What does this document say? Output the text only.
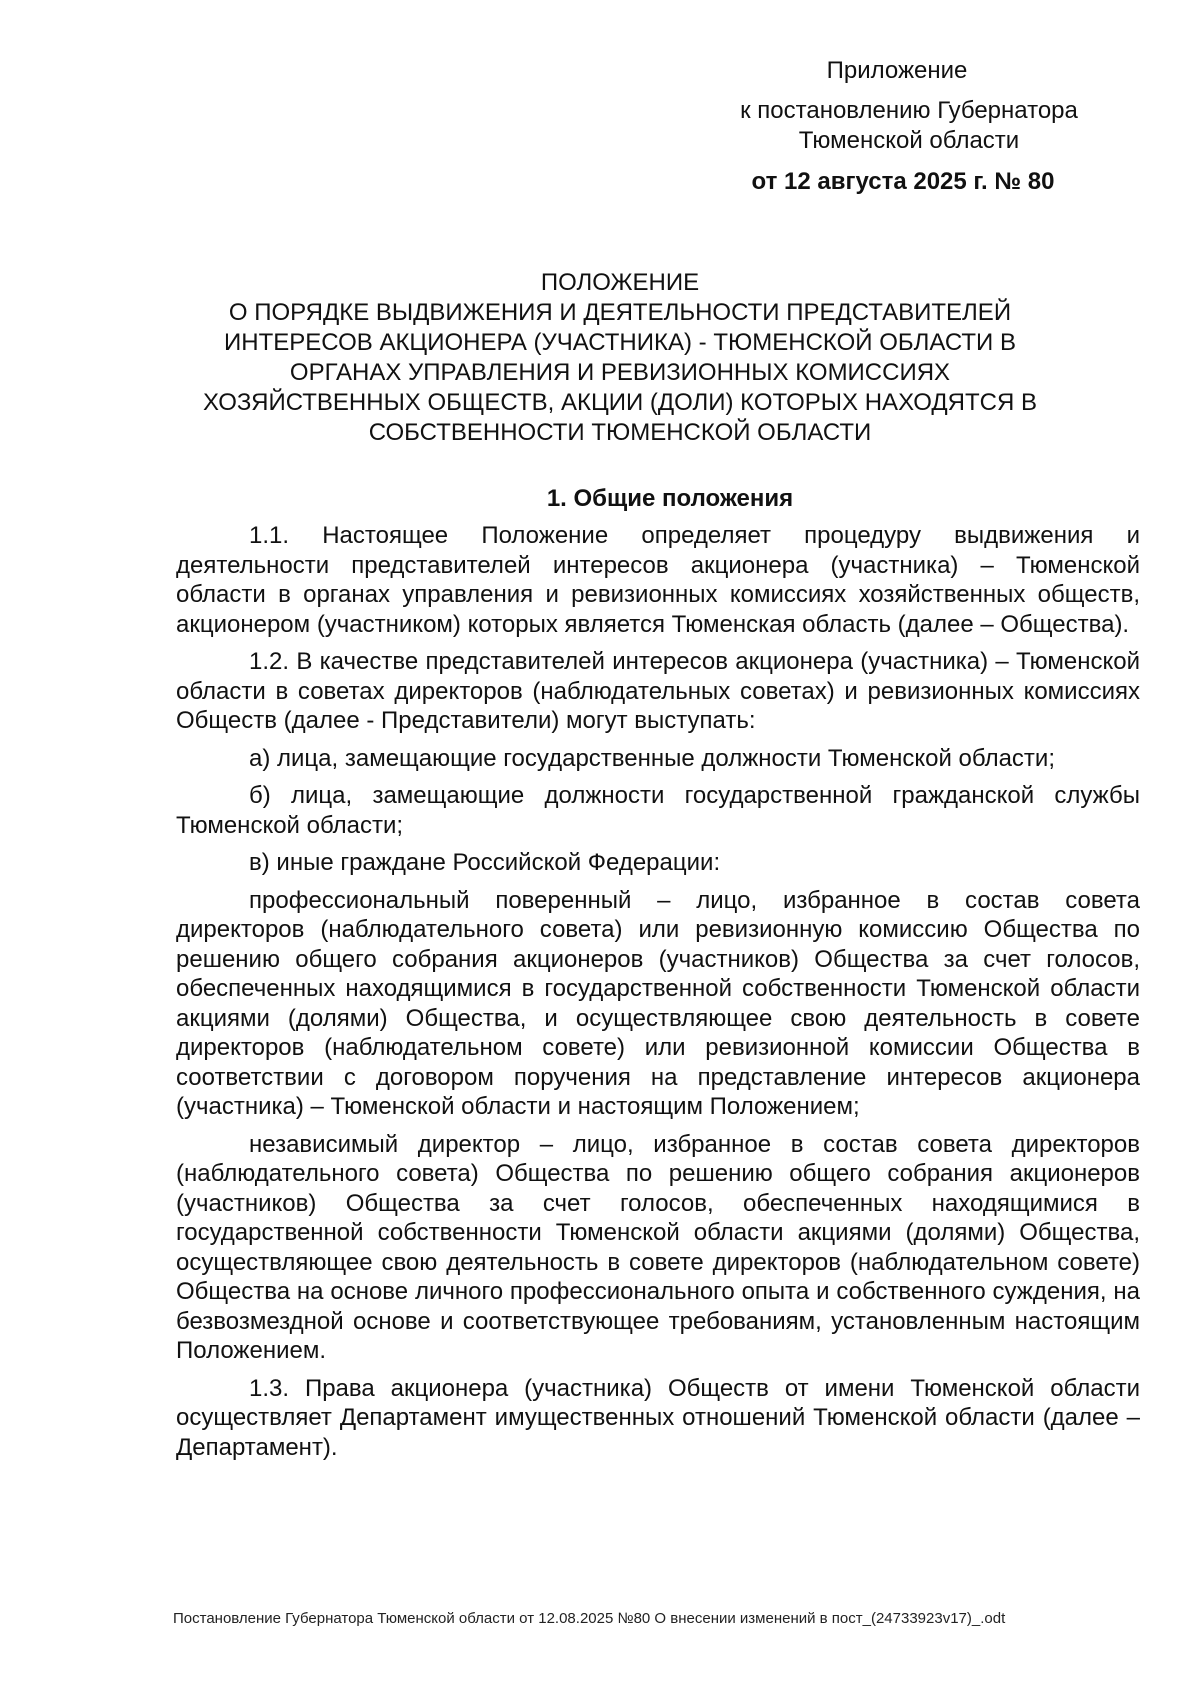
Приложение
к постановлению Губернатора
Тюменской области
от 12 августа 2025 г. № 80
ПОЛОЖЕНИЕ
О ПОРЯДКЕ ВЫДВИЖЕНИЯ И ДЕЯТЕЛЬНОСТИ ПРЕДСТАВИТЕЛЕЙ
ИНТЕРЕСОВ АКЦИОНЕРА (УЧАСТНИКА) - ТЮМЕНСКОЙ ОБЛАСТИ В
ОРГАНАХ УПРАВЛЕНИЯ И РЕВИЗИОННЫХ КОМИССИЯХ
ХОЗЯЙСТВЕННЫХ ОБЩЕСТВ, АКЦИИ (ДОЛИ) КОТОРЫХ НАХОДЯТСЯ В
СОБСТВЕННОСТИ ТЮМЕНСКОЙ ОБЛАСТИ
1. Общие положения

1.1. Настоящее Положение определяет процедуру выдвижения и деятельности представителей интересов акционера (участника) – Тюменской области в органах управления и ревизионных комиссиях хозяйственных обществ, акционером (участником) которых является Тюменская область (далее – Общества).

1.2. В качестве представителей интересов акционера (участника) – Тюменской области в советах директоров (наблюдательных советах) и ревизионных комиссиях Обществ (далее - Представители) могут выступать:

а) лица, замещающие государственные должности Тюменской области;

б) лица, замещающие должности государственной гражданской службы Тюменской области;

в) иные граждане Российской Федерации:

профессиональный поверенный – лицо, избранное в состав совета директоров (наблюдательного совета) или ревизионную комиссию Общества по решению общего собрания акционеров (участников) Общества за счет голосов, обеспеченных находящимися в государственной собственности Тюменской области акциями (долями) Общества, и осуществляющее свою деятельность в совете директоров (наблюдательном совете) или ревизионной комиссии Общества в соответствии с договором поручения на представление интересов акционера (участника) – Тюменской области и настоящим Положением;

независимый директор – лицо, избранное в состав совета директоров (наблюдательного совета) Общества по решению общего собрания акционеров (участников) Общества за счет голосов, обеспеченных находящимися в государственной собственности Тюменской области акциями (долями) Общества, осуществляющее свою деятельность в совете директоров (наблюдательном совете) Общества на основе личного профессионального опыта и собственного суждения, на безвозмездной основе и соответствующее требованиям, установленным настоящим Положением.

1.3. Права акционера (участника) Обществ от имени Тюменской области осуществляет Департамент имущественных отношений Тюменской области (далее – Департамент).

Постановление Губернатора Тюменской области от 12.08.2025 №80 О внесении изменений в пост_(24733923v17)_.odt
